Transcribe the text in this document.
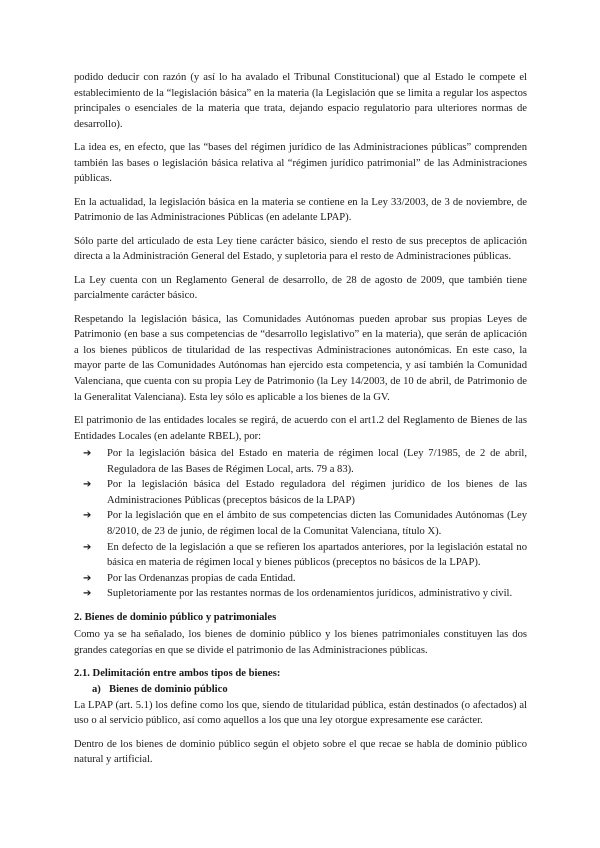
podido deducir con razón (y así lo ha avalado el Tribunal Constitucional) que al Estado le compete el establecimiento de la “legislación básica” en la materia (la Legislación que se limita a regular los aspectos principales o esenciales de la materia que trata, dejando espacio regulatorio para ulteriores normas de desarrollo).

La idea es, en efecto, que las “bases del régimen jurídico de las Administraciones públicas” comprenden también las bases o legislación básica relativa al “régimen jurídico patrimonial” de las Administraciones públicas.

En la actualidad, la legislación básica en la materia se contiene en la Ley 33/2003, de 3 de noviembre, de Patrimonio de las Administraciones Públicas (en adelante LPAP).

Sólo parte del articulado de esta Ley tiene carácter básico, siendo el resto de sus preceptos de aplicación directa a la Administración General del Estado, y supletoria para el resto de Administraciones públicas.

La Ley cuenta con un Reglamento General de desarrollo, de 28 de agosto de 2009, que también tiene parcialmente carácter básico.

Respetando la legislación básica, las Comunidades Autónomas pueden aprobar sus propias Leyes de Patrimonio (en base a sus competencias de “desarrollo legislativo” en la materia), que serán de aplicación a los bienes públicos de titularidad de las respectivas Administraciones autonómicas. En este caso, la mayor parte de las Comunidades Autónomas han ejercido esta competencia, y así también la Comunidad Valenciana, que cuenta con su propia Ley de Patrimonio (la Ley 14/2003, de 10 de abril, de Patrimonio de la Generalitat Valenciana). Esta ley sólo es aplicable a los bienes de la GV.

El patrimonio de las entidades locales se regirá, de acuerdo con el art1.2 del Reglamento de Bienes de las Entidades Locales (en adelante RBEL), por:

➔ Por la legislación básica del Estado en materia de régimen local (Ley 7/1985, de 2 de abril, Reguladora de las Bases de Régimen Local, arts. 79 a 83).
➔ Por la legislación básica del Estado reguladora del régimen jurídico de los bienes de las Administraciones Públicas (preceptos básicos de la LPAP)
➔ Por la legislación que en el ámbito de sus competencias dicten las Comunidades Autónomas (Ley 8/2010, de 23 de junio, de régimen local de la Comunitat Valenciana, título X).
➔ En defecto de la legislación a que se refieren los apartados anteriores, por la legislación estatal no básica en materia de régimen local y bienes públicos (preceptos no básicos de la LPAP).
➔ Por las Ordenanzas propias de cada Entidad.
➔ Supletoriamente por las restantes normas de los ordenamientos jurídicos, administrativo y civil.
2. Bienes de dominio público y patrimoniales

Como ya se ha señalado, los bienes de dominio público y los bienes patrimoniales constituyen las dos grandes categorías en que se divide el patrimonio de las Administraciones públicas.

2.1. Delimitación entre ambos tipos de bienes:
a) Bienes de dominio público

La LPAP (art. 5.1) los define como los que, siendo de titularidad pública, están destinados (o afectados) al uso o al servicio público, así como aquellos a los que una ley otorgue expresamente ese carácter.

Dentro de los bienes de dominio público según el objeto sobre el que recae se habla de dominio público natural y artificial.
